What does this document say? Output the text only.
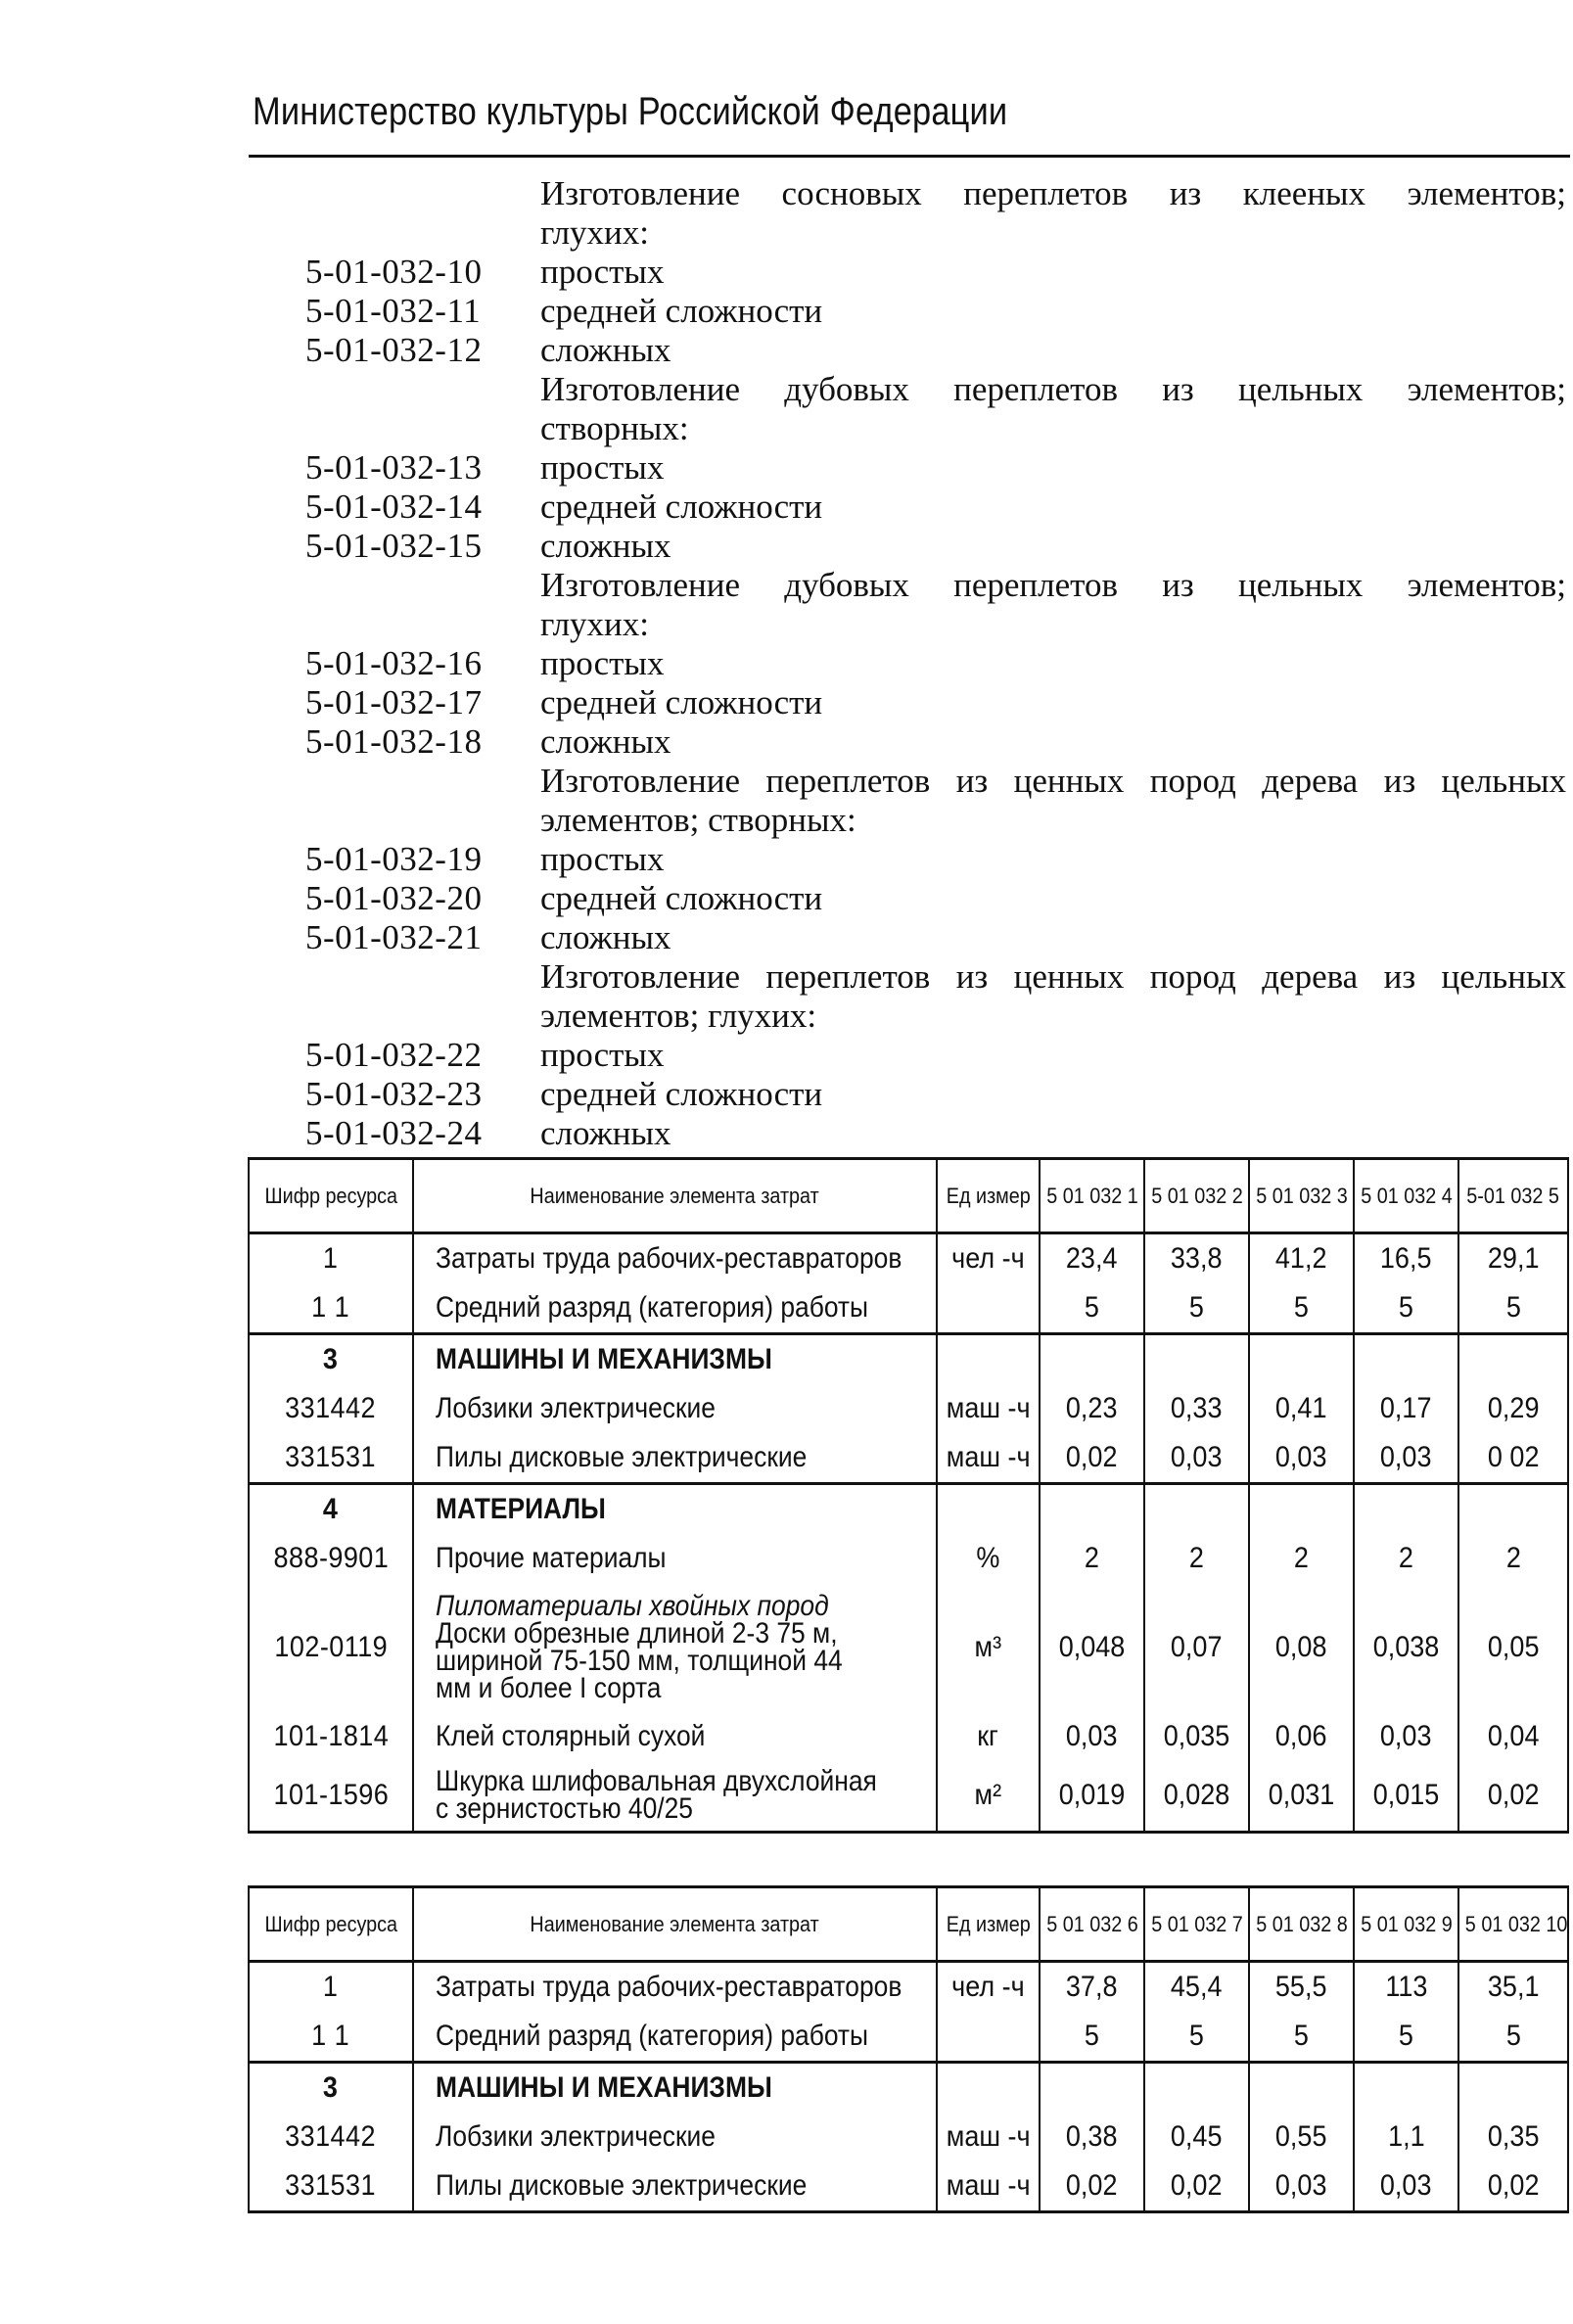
Министерство культуры Российской Федерации
Изготовление сосновых переплетов из клееных элементов;
глухих:
5-01-032-10	простых
5-01-032-11	средней сложности
5-01-032-12	сложных
Изготовление дубовых переплетов из цельных элементов;
створных:
5-01-032-13	простых
5-01-032-14	средней сложности
5-01-032-15	сложных
Изготовление дубовых переплетов из цельных элементов;
глухих:
5-01-032-16	простых
5-01-032-17	средней сложности
5-01-032-18	сложных
Изготовление переплетов из ценных пород дерева из цельных
элементов; створных:
5-01-032-19	простых
5-01-032-20	средней сложности
5-01-032-21	сложных
Изготовление переплетов из ценных пород дерева из цельных
элементов; глухих:
5-01-032-22	простых
5-01-032-23	средней сложности
5-01-032-24	сложных
Шифр ресурса	Наименование элемента затрат	Ед измер	5 01 032 1	5 01 032 2	5 01 032 3	5 01 032 4	5-01 032 5
1	Затраты труда рабочих-реставраторов	чел -ч	23,4	33,8	41,2	16,5	29,1
1 1	Средний разряд (категория) работы		5	5	5	5	5
3	МАШИНЫ И МЕХАНИЗМЫ						
331442	Лобзики электрические	маш -ч	0,23	0,33	0,41	0,17	0,29
331531	Пилы дисковые электрические	маш -ч	0,02	0,03	0,03	0,03	0 02
4	МАТЕРИАЛЫ						
888-9901	Прочие материалы	%	2	2	2	2	2
102-0119	Пиломатериалы хвойных пород
Доски обрезные длиной 2-3 75 м,
шириной 75-150 мм, толщиной 44
мм и более I сорта	м³	0,048	0,07	0,08	0,038	0,05
101-1814	Клей столярный сухой	кг	0,03	0,035	0,06	0,03	0,04
101-1596	Шкурка шлифовальная двухслойная
с зернистостью 40/25	м²	0,019	0,028	0,031	0,015	0,02
Шифр ресурса	Наименование элемента затрат	Ед измер	5 01 032 6	5 01 032 7	5 01 032 8	5 01 032 9	5 01 032 10
1	Затраты труда рабочих-реставраторов	чел -ч	37,8	45,4	55,5	113	35,1
1 1	Средний разряд (категория) работы		5	5	5	5	5
3	МАШИНЫ И МЕХАНИЗМЫ						
331442	Лобзики электрические	маш -ч	0,38	0,45	0,55	1,1	0,35
331531	Пилы дисковые электрические	маш -ч	0,02	0,02	0,03	0,03	0,02
